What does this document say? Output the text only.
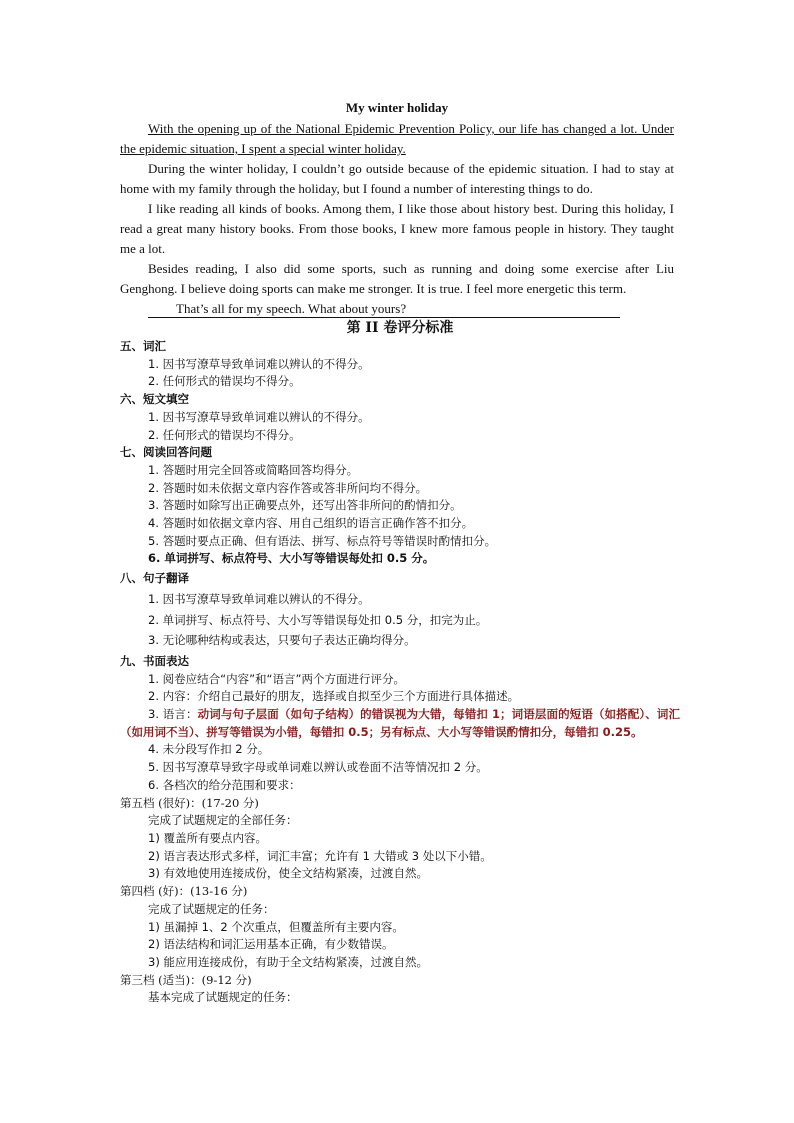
My winter holiday

With the opening up of the National Epidemic Prevention Policy, our life has changed a lot. Under the epidemic situation, I spent a special winter holiday.

During the winter holiday, I couldn’t go outside because of the epidemic situation. I had to stay at home with my family through the holiday, but I found a number of interesting things to do.

I like reading all kinds of books. Among them, I like those about history best. During this holiday, I read a great many history books. From those books, I knew more famous people in history. They taught me a lot.

Besides reading, I also did some sports, such as running and doing some exercise after Liu Genghong. I believe doing sports can make me stronger. It is true. I feel more energetic this term.

That’s all for my speech. What about yours?

第 II 卷评分标准

五、词汇

1. 因书写潦草导致单词难以辨认的不得分。

2. 任何形式的错误均不得分。

六、短文填空

1. 因书写潦草导致单词难以辨认的不得分。

2. 任何形式的错误均不得分。

七、阅读回答问题

1. 答题时用完全回答或简略回答均得分。

2. 答题时如未依据文章内容作答或答非所问均不得分。

3. 答题时如除写出正确要点外，还写出答非所问的酌情扣分。

4. 答题时如依据文章内容、用自己组织的语言正确作答不扣分。

5. 答题时要点正确、但有语法、拼写、标点符号等错误时酌情扣分。

6. 单词拼写、标点符号、大小写等错误每处扣 0.5 分。

八、句子翻译

1. 因书写潦草导致单词难以辨认的不得分。

2. 单词拼写、标点符号、大小写等错误每处扣 0.5 分，扣完为止。

3. 无论哪种结构或表达，只要句子表达正确均得分。

九、书面表达

1. 阅卷应结合“内容”和“语言”两个方面进行评分。

2. 内容：介绍自己最好的朋友，选择或自拟至少三个方面进行具体描述。

3. 语言：动词与句子层面（如句子结构）的错误视为大错，每错扣 1；词语层面的短语（如搭配）、词汇（如用词不当）、拼写等错误为小错，每错扣 0.5；另有标点、大小写等错误酌情扣分，每错扣 0.25。

4. 未分段写作扣 2 分。

5. 因书写潦草导致字母或单词难以辨认或卷面不洁等情况扣 2 分。

6. 各档次的给分范围和要求：

第五档 (很好)：(17-20 分)

完成了试题规定的全部任务：

1) 覆盖所有要点内容。

2) 语言表达形式多样，词汇丰富；允许有 1 大错或 3 处以下小错。

3) 有效地使用连接成份，使全文结构紧凑，过渡自然。

第四档 (好)：(13-16 分)

完成了试题规定的任务：

1) 虽漏掉 1、2 个次重点，但覆盖所有主要内容。

2) 语法结构和词汇运用基本正确，有少数错误。

3) 能应用连接成份，有助于全文结构紧凑，过渡自然。

第三档 (适当)：(9-12 分)

基本完成了试题规定的任务：
